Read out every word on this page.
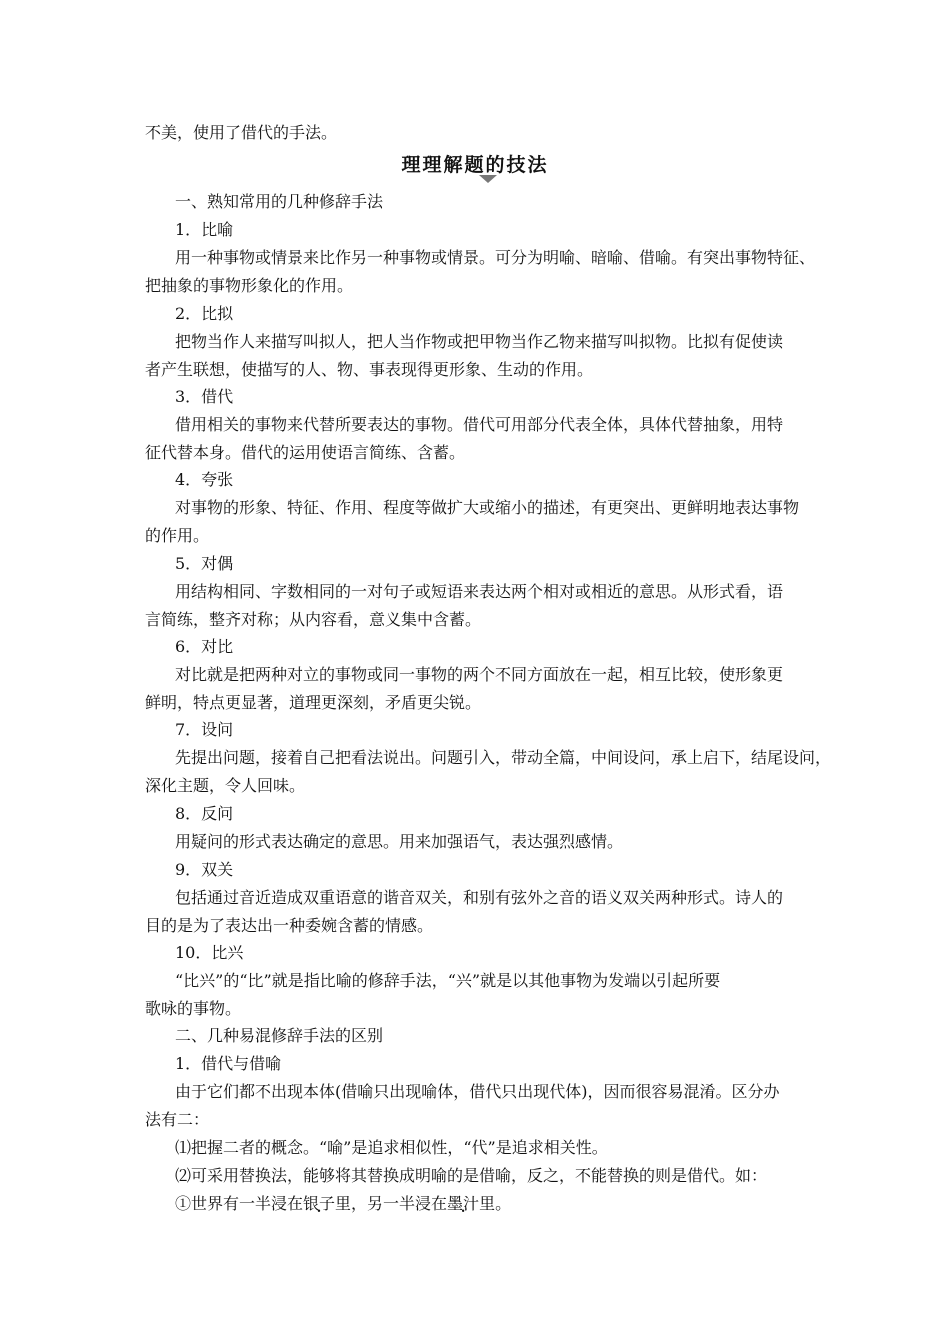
不美，使用了借代的手法。
理理解题的技法
一、熟知常用的几种修辞手法
1．比喻
用一种事物或情景来比作另一种事物或情景。可分为明喻、暗喻、借喻。有突出事物特征、
把抽象的事物形象化的作用。
2．比拟
把物当作人来描写叫拟人，把人当作物或把甲物当作乙物来描写叫拟物。比拟有促使读
者产生联想，使描写的人、物、事表现得更形象、生动的作用。
3．借代
借用相关的事物来代替所要表达的事物。借代可用部分代表全体，具体代替抽象，用特
征代替本身。借代的运用使语言简练、含蓄。
4．夸张
对事物的形象、特征、作用、程度等做扩大或缩小的描述，有更突出、更鲜明地表达事物
的作用。
5．对偶
用结构相同、字数相同的一对句子或短语来表达两个相对或相近的意思。从形式看，语
言简练，整齐对称；从内容看，意义集中含蓄。
6．对比
对比就是把两种对立的事物或同一事物的两个不同方面放在一起，相互比较，使形象更
鲜明，特点更显著，道理更深刻，矛盾更尖锐。
7．设问
先提出问题，接着自己把看法说出。问题引入，带动全篇，中间设问，承上启下，结尾设问，
深化主题，令人回味。
8．反问
用疑问的形式表达确定的意思。用来加强语气，表达强烈感情。
9．双关
包括通过音近造成双重语意的谐音双关，和别有弦外之音的语义双关两种形式。诗人的
目的是为了表达出一种委婉含蓄的情感。
10．比兴
“比兴”的“比”就是指比喻的修辞手法，“兴”就是以其他事物为发端以引起所要
歌咏的事物。
二、几种易混修辞手法的区别
1．借代与借喻
由于它们都不出现本体(借喻只出现喻体，借代只出现代体)，因而很容易混淆。区分办
法有二：
⑴把握二者的概念。“喻”是追求相似性，“代”是追求相关性。
⑵可采用替换法，能够将其替换成明喻的是借喻，反之，不能替换的则是借代。如：
①世界有一半浸在银子里，另一半浸在墨汁里。
